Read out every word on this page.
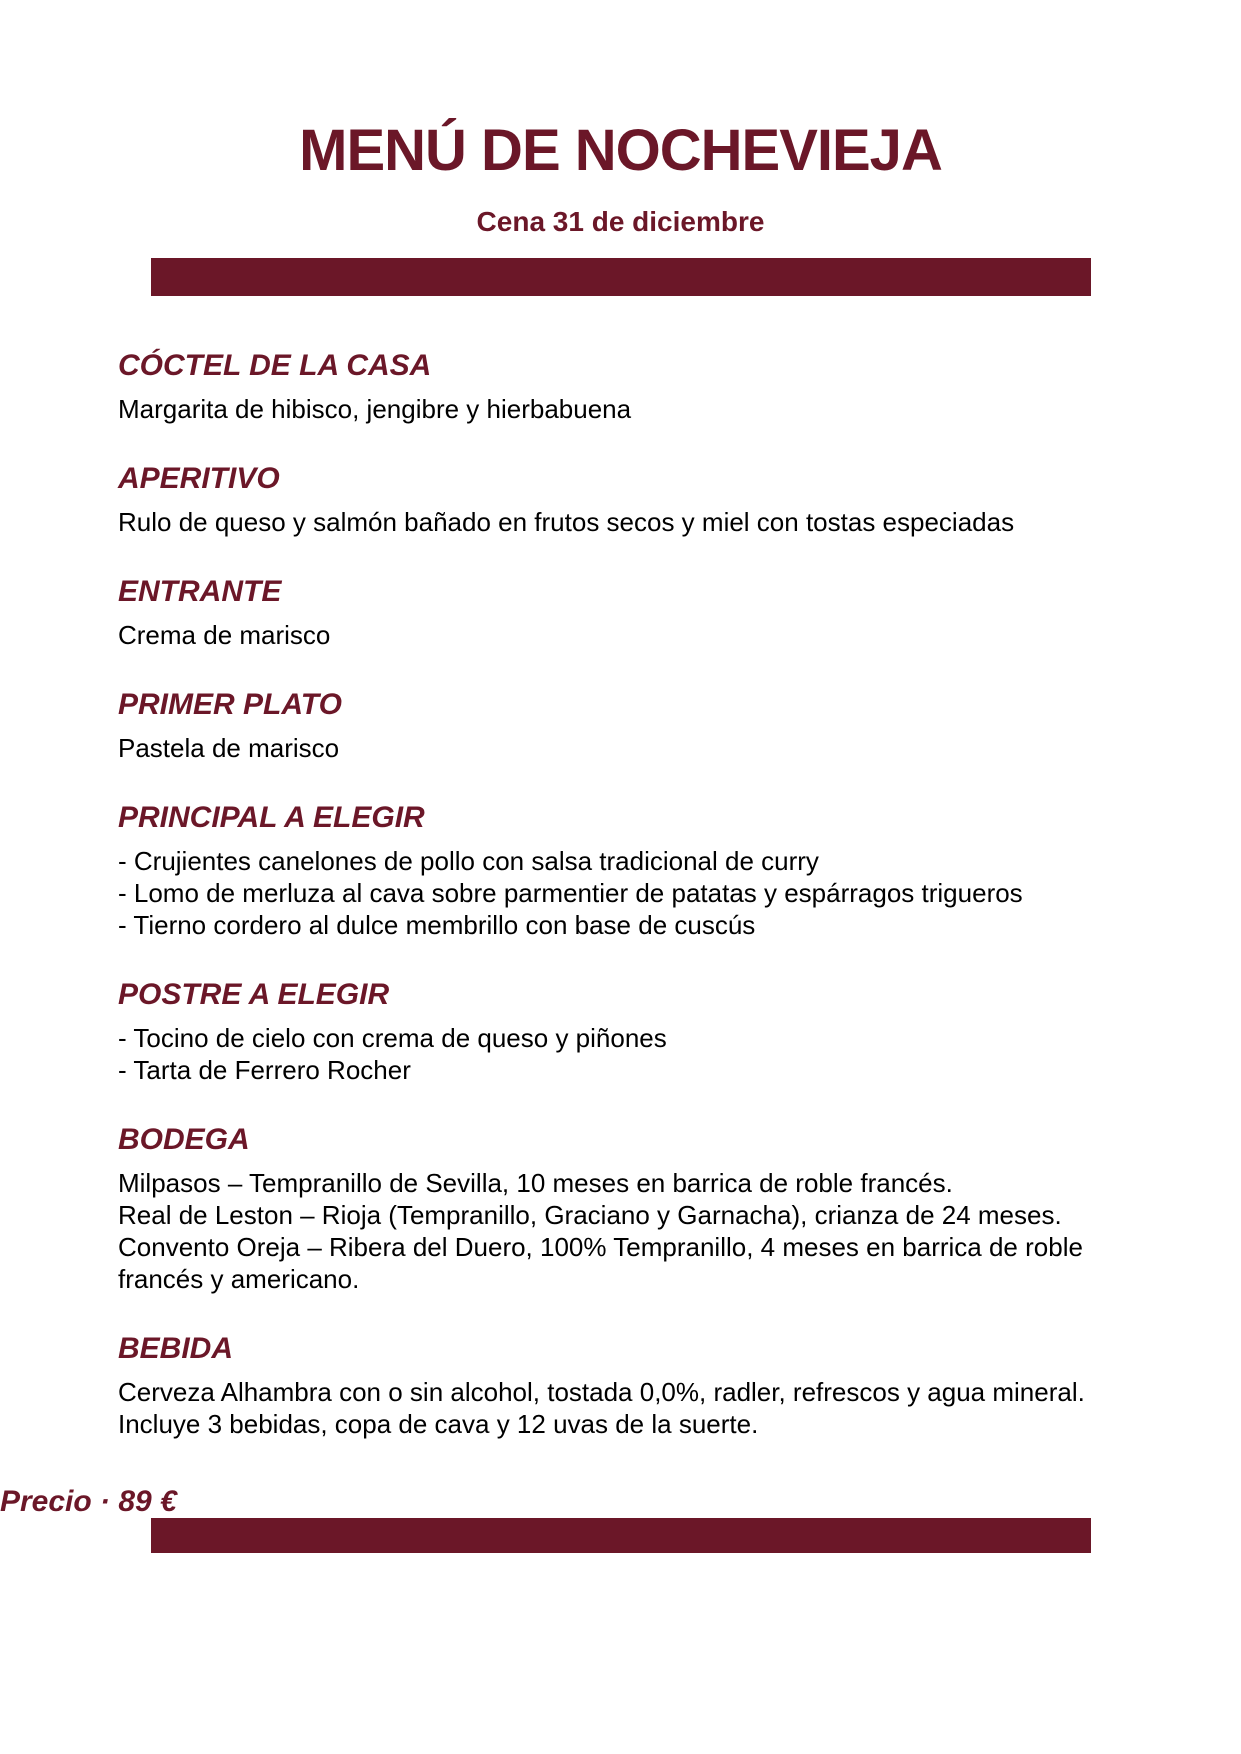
MENÚ DE NOCHEVIEJA
Cena 31 de diciembre
CÓCTEL DE LA CASA

Margarita de hibisco, jengibre y hierbabuena

APERITIVO

Rulo de queso y salmón bañado en frutos secos y miel con tostas especiadas

ENTRANTE

Crema de marisco

PRIMER PLATO

Pastela de marisco

PRINCIPAL A ELEGIR

- Crujientes canelones de pollo con salsa tradicional de curry

- Lomo de merluza al cava sobre parmentier de patatas y espárragos trigueros

- Tierno cordero al dulce membrillo con base de cuscús

POSTRE A ELEGIR

- Tocino de cielo con crema de queso y piñones

- Tarta de Ferrero Rocher

BODEGA

Milpasos – Tempranillo de Sevilla, 10 meses en barrica de roble francés.

Real de Leston – Rioja (Tempranillo, Graciano y Garnacha), crianza de 24 meses.

Convento Oreja – Ribera del Duero, 100% Tempranillo, 4 meses en barrica de roble

francés y americano.

BEBIDA

Cerveza Alhambra con o sin alcohol, tostada 0,0%, radler, refrescos y agua mineral.

Incluye 3 bebidas, copa de cava y 12 uvas de la suerte.

Precio · 89 €
